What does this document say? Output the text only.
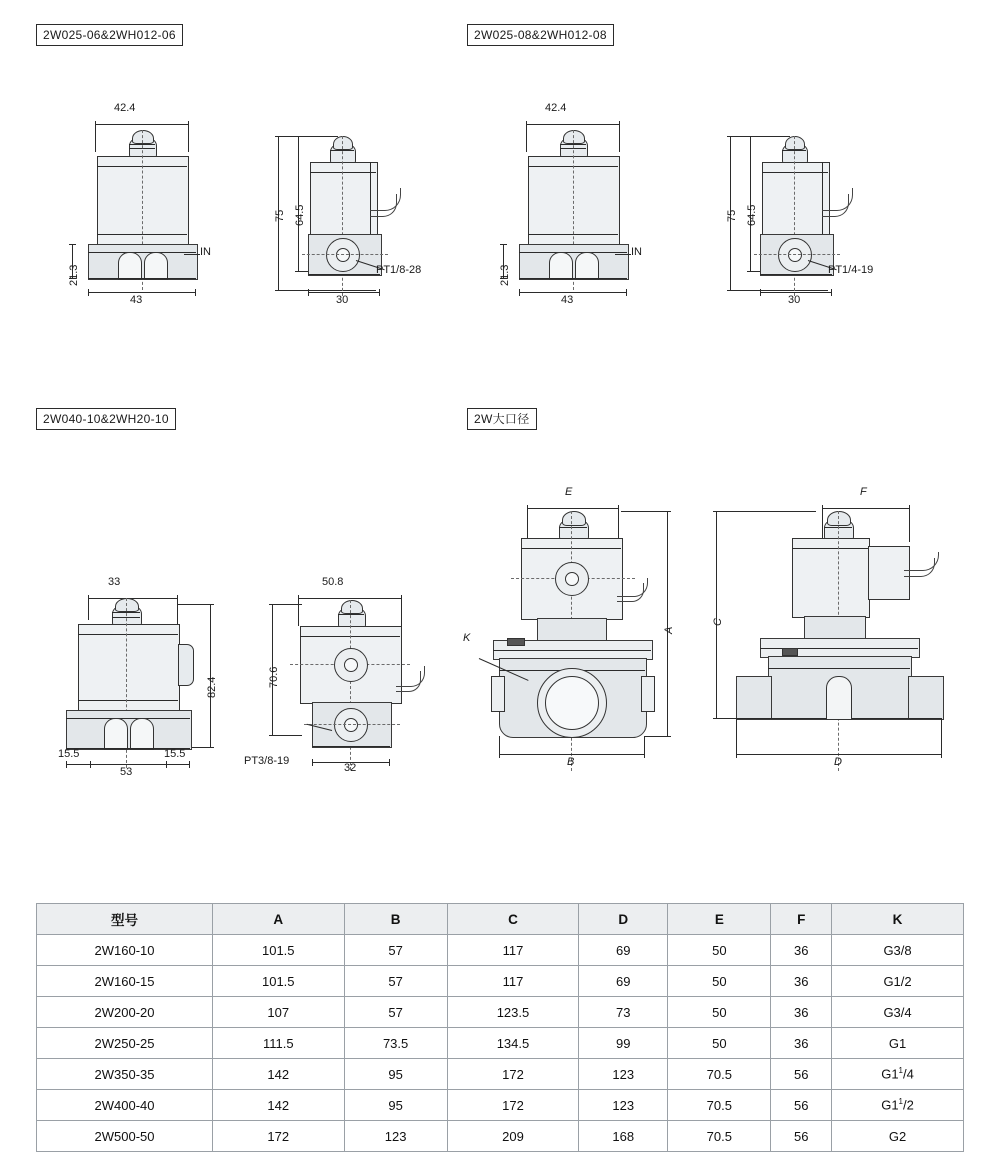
2W025-06&2WH012-06	2W025-08&2WH012-08
2W040-10&2WH20-10	2W大口径
42.4
IN
21.3
43
75 64.5
PT1/8-28
30
42.4
IN
21.3
43
75 64.5
PT1/4-19
30
33
82.4
15.5	15.5
53
50.8
70.6
PT3/8-19
32
E
K
A
B
F
C
D
型号	A	B	C	D	E	F	K
2W160-10	101.5	57	117	69	50	36	G3/8
2W160-15	101.5	57	117	69	50	36	G1/2
2W200-20	107	57	123.5	73	50	36	G3/4
2W250-25	111.5	73.5	134.5	99	50	36	G1
2W350-35	142	95	172	123	70.5	56	$G1^1/4$
2W400-40	142	95	172	123	70.5	56	$G1^1/2$
2W500-50	172	123	209	168	70.5	56	G2
